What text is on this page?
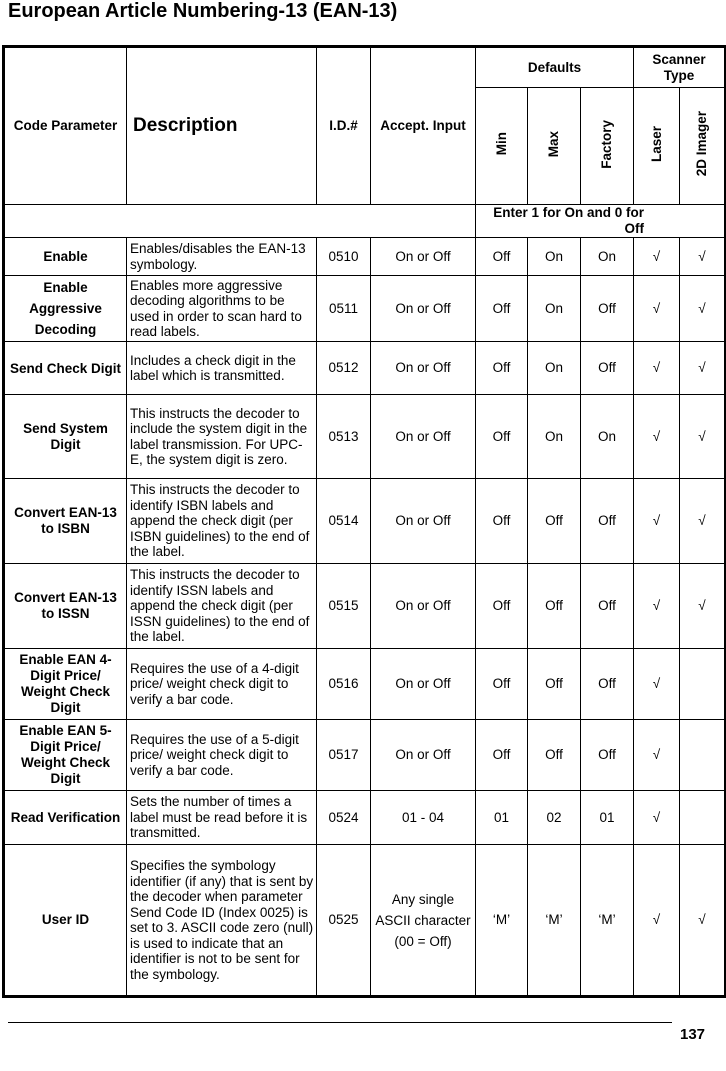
European Article Numbering-13 (EAN-13)
Code Parameter	Description	I.D.#	Accept. Input	Defaults			Scanner Type	
				Min	Max	Factory	Laser	2D Imager
				Enter 1 for On and 0 for Off				
Enable	Enables/disables the EAN-13 symbology.	0510	On or Off	Off	On	On	√	√
Enable Aggressive Decoding	Enables more aggressive decoding algorithms to be used in order to scan hard to read labels.	0511	On or Off	Off	On	Off	√	√
Send Check Digit	Includes a check digit in the label which is transmitted.	0512	On or Off	Off	On	Off	√	√
Send System Digit	This instructs the decoder to include the system digit in the label transmission. For UPC-E, the system digit is zero.	0513	On or Off	Off	On	On	√	√
Convert EAN-13 to ISBN	This instructs the decoder to identify ISBN labels and append the check digit (per ISBN guidelines) to the end of the label.	0514	On or Off	Off	Off	Off	√	√
Convert EAN-13 to ISSN	This instructs the decoder to identify ISSN labels and append the check digit (per ISSN guidelines) to the end of the label.	0515	On or Off	Off	Off	Off	√	√
Enable EAN 4-Digit Price/ Weight Check Digit	Requires the use of a 4-digit price/ weight check digit to verify a bar code.	0516	On or Off	Off	Off	Off	√	
Enable EAN 5-Digit Price/ Weight Check Digit	Requires the use of a 5-digit price/ weight check digit to verify a bar code.	0517	On or Off	Off	Off	Off	√	
Read Verification	Sets the number of times a label must be read before it is transmitted.	0524	01 - 04	01	02	01	√	
User ID	Specifies the symbology identifier (if any) that is sent by the decoder when parameter Send Code ID (Index 0025) is set to 3. ASCII code zero (null) is used to indicate that an identifier is not to be sent for the symbology.	0525	Any single ASCII character (00 = Off)	‘M’	‘M’	‘M’	√	√
137
